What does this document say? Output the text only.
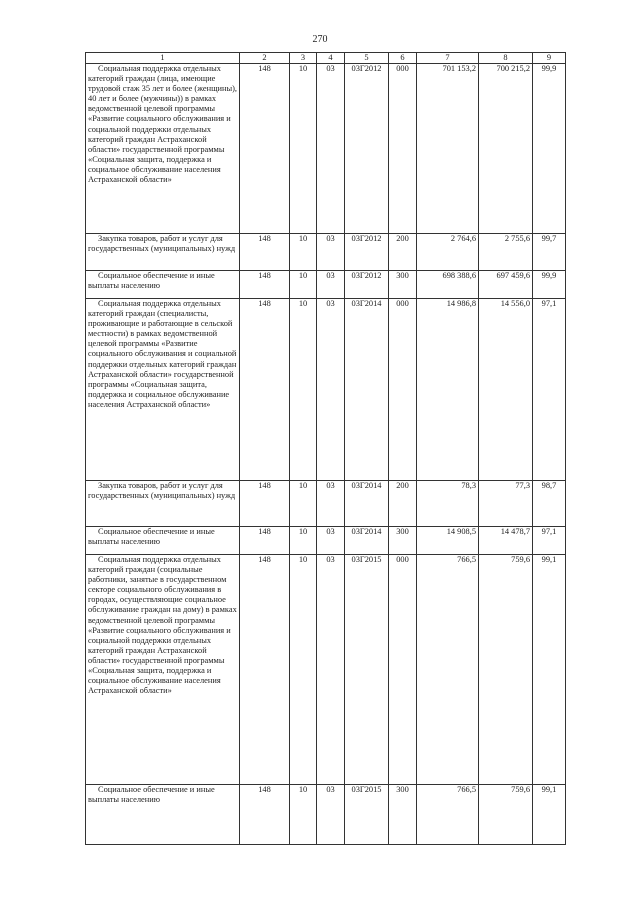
270
1	2	3	4	5	6	7	8	9
Социальная поддержка отдельных категорий граждан (лица, имеющие трудовой стаж 35 лет и более (женщины), 40 лет и более (мужчины)) в рамках ведомственной целевой программы «Развитие социального обслуживания и социальной поддержки отдельных категорий граждан Астраханской области» государственной программы «Социальная защита, поддержка и социальное обслуживание населения Астраханской области»	148	10	03	03Г2012	000	701 153,2	700 215,2	99,9
Закупка товаров, работ и услуг для государственных (муниципальных) нужд	148	10	03	03Г2012	200	2 764,6	2 755,6	99,7
Социальное обеспечение и иные выплаты населению	148	10	03	03Г2012	300	698 388,6	697 459,6	99,9
Социальная поддержка отдельных категорий граждан (специалисты, проживающие и работающие в сельской местности) в рамках ведомственной целевой программы «Развитие социального обслуживания и социальной поддержки отдельных категорий граждан Астраханской области» государственной программы «Социальная защита, поддержка и социальное обслуживание населения Астраханской области»	148	10	03	03Г2014	000	14 986,8	14 556,0	97,1
Закупка товаров, работ и услуг для государственных (муниципальных) нужд	148	10	03	03Г2014	200	78,3	77,3	98,7
Социальное обеспечение и иные выплаты населению	148	10	03	03Г2014	300	14 908,5	14 478,7	97,1
Социальная поддержка отдельных категорий граждан (социальные работники, занятые в государственном секторе социального обслуживания в городах, осуществляющие социальное обслуживание граждан на дому) в рамках ведомственной целевой программы «Развитие социального обслуживания и социальной поддержки отдельных категорий граждан Астраханской области» государственной программы «Социальная защита, поддержка и социальное обслуживание населения Астраханской области»	148	10	03	03Г2015	000	766,5	759,6	99,1
Социальное обеспечение и иные выплаты населению	148	10	03	03Г2015	300	766,5	759,6	99,1
